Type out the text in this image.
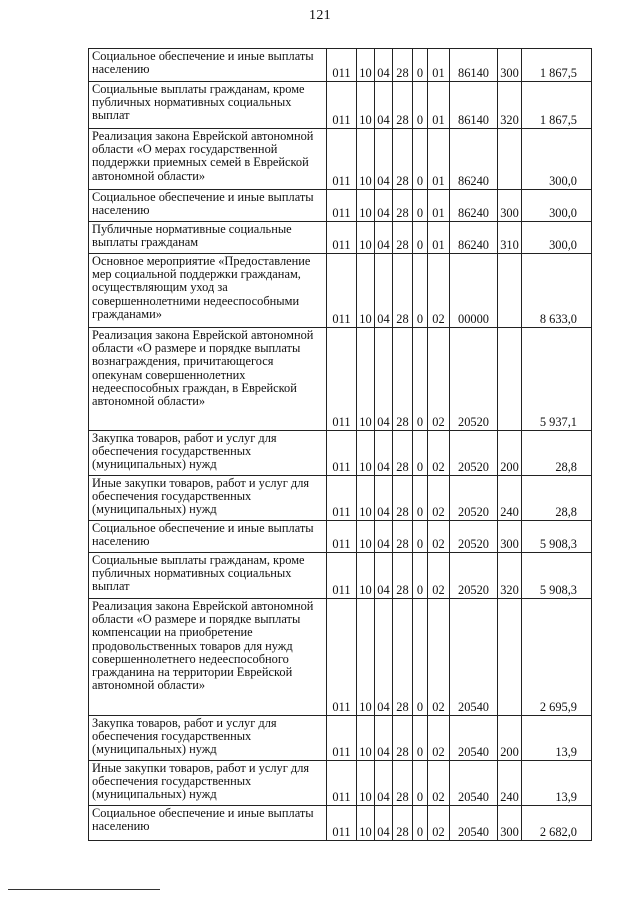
121
Социальное обеспечение и иные выплаты населению	011	10	04	28	0	01	86140	300	1 867,5
Социальные выплаты гражданам, кроме публичных нормативных социальных выплат	011	10	04	28	0	01	86140	320	1 867,5
Реализация закона Еврейской автономной области «О мерах государственной поддержки приемных семей в Еврейской автономной области»	011	10	04	28	0	01	86240		300,0
Социальное обеспечение и иные выплаты населению	011	10	04	28	0	01	86240	300	300,0
Публичные нормативные социальные выплаты гражданам	011	10	04	28	0	01	86240	310	300,0
Основное мероприятие «Предоставление мер социальной поддержки гражданам, осуществляющим уход за совершеннолетними недееспособными гражданами»	011	10	04	28	0	02	00000		8 633,0
Реализация закона Еврейской автономной области «О размере и порядке выплаты вознаграждения, причитающегося опекунам совершеннолетних недееспособных граждан, в Еврейской автономной области»	011	10	04	28	0	02	20520		5 937,1
Закупка товаров, работ и услуг для обеспечения государственных (муниципальных) нужд	011	10	04	28	0	02	20520	200	28,8
Иные закупки товаров, работ и услуг для обеспечения государственных (муниципальных) нужд	011	10	04	28	0	02	20520	240	28,8
Социальное обеспечение и иные выплаты населению	011	10	04	28	0	02	20520	300	5 908,3
Социальные выплаты гражданам, кроме публичных нормативных социальных выплат	011	10	04	28	0	02	20520	320	5 908,3
Реализация закона Еврейской автономной области «О размере и порядке выплаты компенсации на приобретение продовольственных товаров для нужд совершеннолетнего недееспособного гражданина на территории Еврейской автономной области»	011	10	04	28	0	02	20540		2 695,9
Закупка товаров, работ и услуг для обеспечения государственных (муниципальных) нужд	011	10	04	28	0	02	20540	200	13,9
Иные закупки товаров, работ и услуг для обеспечения государственных (муниципальных) нужд	011	10	04	28	0	02	20540	240	13,9
Социальное обеспечение и иные выплаты населению	011	10	04	28	0	02	20540	300	2 682,0
